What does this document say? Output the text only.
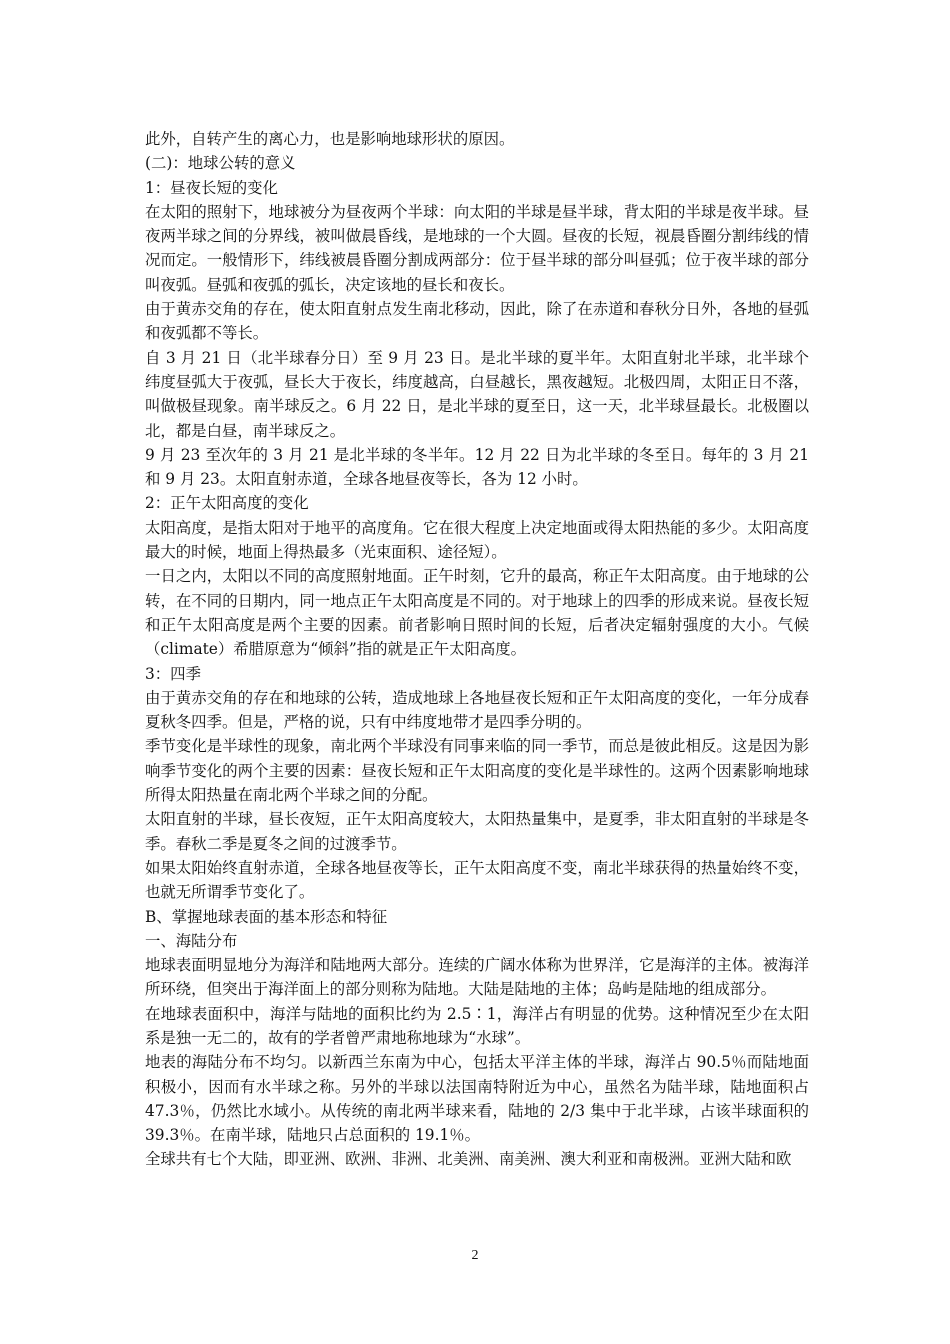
此外，自转产生的离心力，也是影响地球形状的原因。

(二)：地球公转的意义

1：昼夜长短的变化

在太阳的照射下，地球被分为昼夜两个半球：向太阳的半球是昼半球，背太阳的半球是夜半球。昼夜两半球之间的分界线，被叫做晨昏线，是地球的一个大圆。昼夜的长短，视晨昏圈分割纬线的情况而定。一般情形下，纬线被晨昏圈分割成两部分：位于昼半球的部分叫昼弧；位于夜半球的部分叫夜弧。昼弧和夜弧的弧长，决定该地的昼长和夜长。

由于黄赤交角的存在，使太阳直射点发生南北移动，因此，除了在赤道和春秋分日外，各地的昼弧和夜弧都不等长。

自 3 月 21 日（北半球春分日）至 9 月 23 日。是北半球的夏半年。太阳直射北半球，北半球个纬度昼弧大于夜弧，昼长大于夜长，纬度越高，白昼越长，黑夜越短。北极四周，太阳正日不落，叫做极昼现象。南半球反之。6 月 22 日，是北半球的夏至日，这一天，北半球昼最长。北极圈以北，都是白昼，南半球反之。

9 月 23 至次年的 3 月 21 是北半球的冬半年。12 月 22 日为北半球的冬至日。每年的 3 月 21 和 9 月 23。太阳直射赤道，全球各地昼夜等长，各为 12 小时。

2：正午太阳高度的变化

太阳高度，是指太阳对于地平的高度角。它在很大程度上决定地面或得太阳热能的多少。太阳高度最大的时候，地面上得热最多（光束面积、途径短）。

一日之内，太阳以不同的高度照射地面。正午时刻，它升的最高，称正午太阳高度。由于地球的公转，在不同的日期内，同一地点正午太阳高度是不同的。对于地球上的四季的形成来说。昼夜长短和正午太阳高度是两个主要的因素。前者影响日照时间的长短，后者决定辐射强度的大小。气候（climate）希腊原意为“倾斜”指的就是正午太阳高度。

3：四季

由于黄赤交角的存在和地球的公转，造成地球上各地昼夜长短和正午太阳高度的变化，一年分成春夏秋冬四季。但是，严格的说，只有中纬度地带才是四季分明的。

季节变化是半球性的现象，南北两个半球没有同事来临的同一季节，而总是彼此相反。这是因为影响季节变化的两个主要的因素：昼夜长短和正午太阳高度的变化是半球性的。这两个因素影响地球所得太阳热量在南北两个半球之间的分配。

太阳直射的半球，昼长夜短，正午太阳高度较大，太阳热量集中，是夏季，非太阳直射的半球是冬季。春秋二季是夏冬之间的过渡季节。

如果太阳始终直射赤道，全球各地昼夜等长，正午太阳高度不变，南北半球获得的热量始终不变，也就无所谓季节变化了。

B、掌握地球表面的基本形态和特征

一、海陆分布

地球表面明显地分为海洋和陆地两大部分。连续的广阔水体称为世界洋，它是海洋的主体。被海洋所环绕，但突出于海洋面上的部分则称为陆地。大陆是陆地的主体；岛屿是陆地的组成部分。

在地球表面积中，海洋与陆地的面积比约为 2.5∶1，海洋占有明显的优势。这种情况至少在太阳系是独一无二的，故有的学者曾严肃地称地球为“水球”。

地表的海陆分布不均匀。以新西兰东南为中心，包括太平洋主体的半球，海洋占 90.5％而陆地面积极小，因而有水半球之称。另外的半球以法国南特附近为中心，虽然名为陆半球，陆地面积占 47.3％，仍然比水域小。从传统的南北两半球来看，陆地的 2/3 集中于北半球，占该半球面积的 39.3％。在南半球，陆地只占总面积的 19.1％。

全球共有七个大陆，即亚洲、欧洲、非洲、北美洲、南美洲、澳大利亚和南极洲。亚洲大陆和欧

2
